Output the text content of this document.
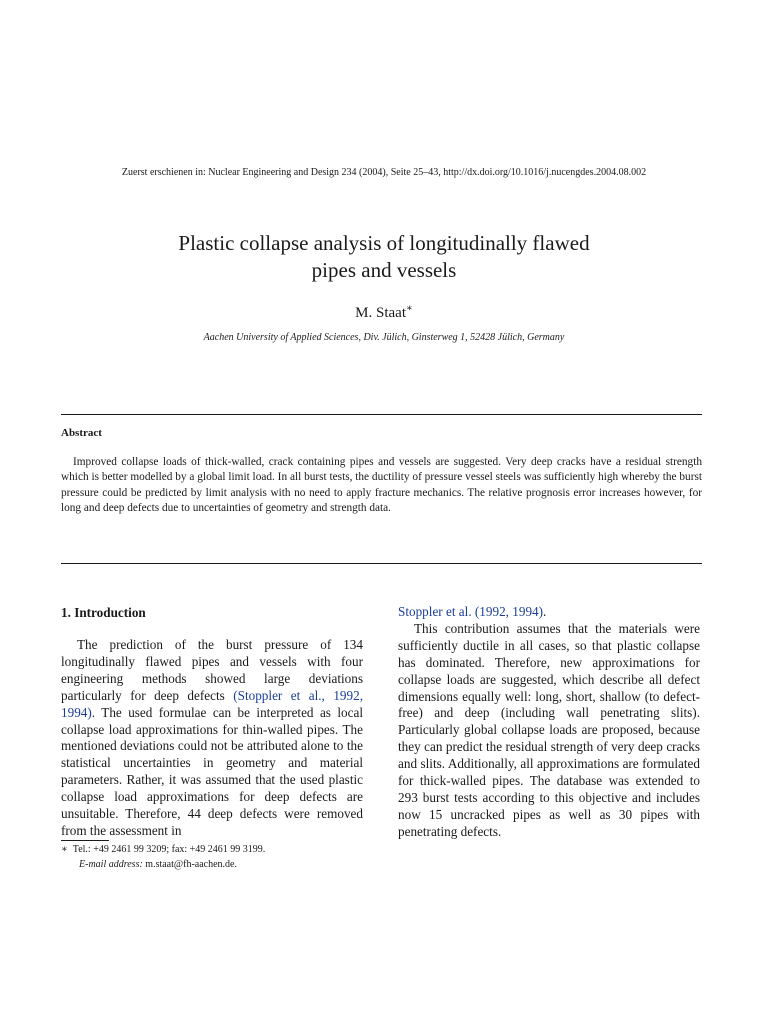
Zuerst erschienen in: Nuclear Engineering and Design 234 (2004), Seite 25–43, http://dx.doi.org/10.1016/j.nucengdes.2004.08.002
Plastic collapse analysis of longitudinally flawed
pipes and vessels
M. Staat∗
Aachen University of Applied Sciences, Div. Jülich, Ginsterweg 1, 52428 Jülich, Germany
Abstract

Improved collapse loads of thick-walled, crack containing pipes and vessels are suggested. Very deep cracks have a residual strength which is better modelled by a global limit load. In all burst tests, the ductility of pressure vessel steels was sufficiently high whereby the burst pressure could be predicted by limit analysis with no need to apply fracture mechanics. The relative prognosis error increases however, for long and deep defects due to uncertainties of geometry and strength data.

1. Introduction

The prediction of the burst pressure of 134 longitudinally flawed pipes and vessels with four engineering methods showed large deviations particularly for deep defects (Stoppler et al., 1992, 1994). The used formulae can be interpreted as local collapse load approximations for thin-walled pipes. The mentioned deviations could not be attributed alone to the statistical uncertainties in geometry and material parameters. Rather, it was assumed that the used plastic collapse load approximations for deep defects are unsuitable. Therefore, 44 deep defects were removed from the assessment in

Stoppler et al. (1992, 1994).

This contribution assumes that the materials were sufficiently ductile in all cases, so that plastic collapse has dominated. Therefore, new approximations for collapse loads are suggested, which describe all defect dimensions equally well: long, short, shallow (to defect-free) and deep (including wall penetrating slits). Particularly global collapse loads are proposed, because they can predict the residual strength of very deep cracks and slits. Additionally, all approximations are formulated for thick-walled pipes. The database was extended to 293 burst tests according to this objective and includes now 15 uncracked pipes as well as 30 pipes with penetrating defects.

∗ Tel.: +49 2461 99 3209; fax: +49 2461 99 3199.
E-mail address: m.staat@fh-aachen.de.
